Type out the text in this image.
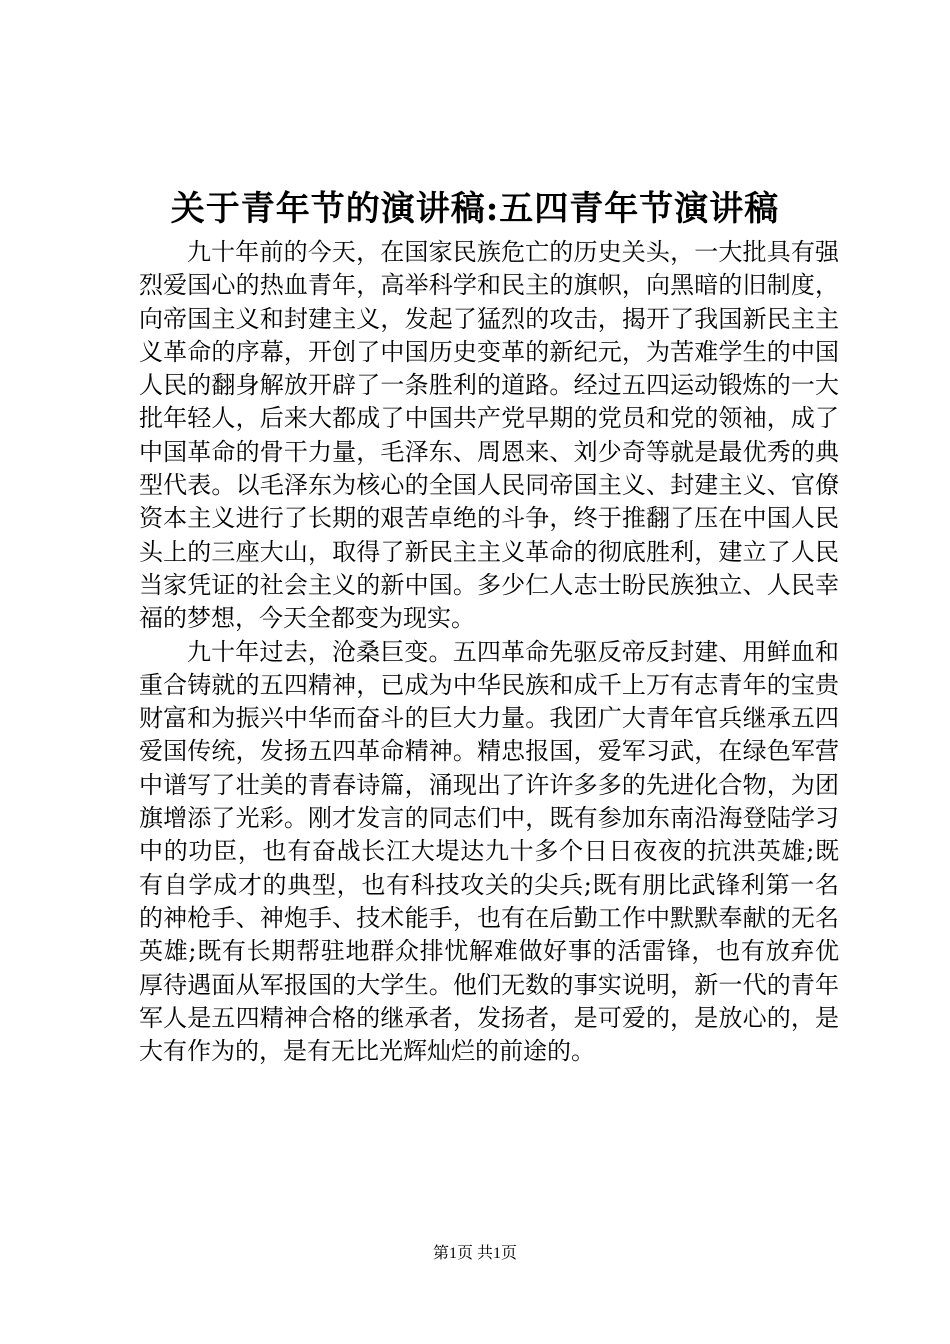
关于青年节的演讲稿:五四青年节演讲稿

九十年前的今天，在国家民族危亡的历史关头，一大批具有强烈爱国心的热血青年，高举科学和民主的旗帜，向黑暗的旧制度，向帝国主义和封建主义，发起了猛烈的攻击，揭开了我国新民主主义革命的序幕，开创了中国历史变革的新纪元，为苦难学生的中国人民的翻身解放开辟了一条胜利的道路。经过五四运动锻炼的一大批年轻人，后来大都成了中国共产党早期的党员和党的领袖，成了中国革命的骨干力量，毛泽东、周恩来、刘少奇等就是最优秀的典型代表。以毛泽东为核心的全国人民同帝国主义、封建主义、官僚资本主义进行了长期的艰苦卓绝的斗争，终于推翻了压在中国人民头上的三座大山，取得了新民主主义革命的彻底胜利，建立了人民当家凭证的社会主义的新中国。多少仁人志士盼民族独立、人民幸福的梦想，今天全都变为现实。

九十年过去，沧桑巨变。五四革命先驱反帝反封建、用鲜血和重合铸就的五四精神，已成为中华民族和成千上万有志青年的宝贵财富和为振兴中华而奋斗的巨大力量。我团广大青年官兵继承五四爱国传统，发扬五四革命精神。精忠报国，爱军习武，在绿色军营中谱写了壮美的青春诗篇，涌现出了许许多多的先进化合物，为团旗增添了光彩。刚才发言的同志们中，既有参加东南沿海登陆学习中的功臣，也有奋战长江大堤达九十多个日日夜夜的抗洪英雄;既有自学成才的典型，也有科技攻关的尖兵;既有朋比武锋利第一名的神枪手、神炮手、技术能手，也有在后勤工作中默默奉献的无名英雄;既有长期帮驻地群众排忧解难做好事的活雷锋，也有放弃优厚待遇面从军报国的大学生。他们无数的事实说明，新一代的青年军人是五四精神合格的继承者，发扬者，是可爱的，是放心的，是大有作为的，是有无比光辉灿烂的前途的。

第1页 共1页
